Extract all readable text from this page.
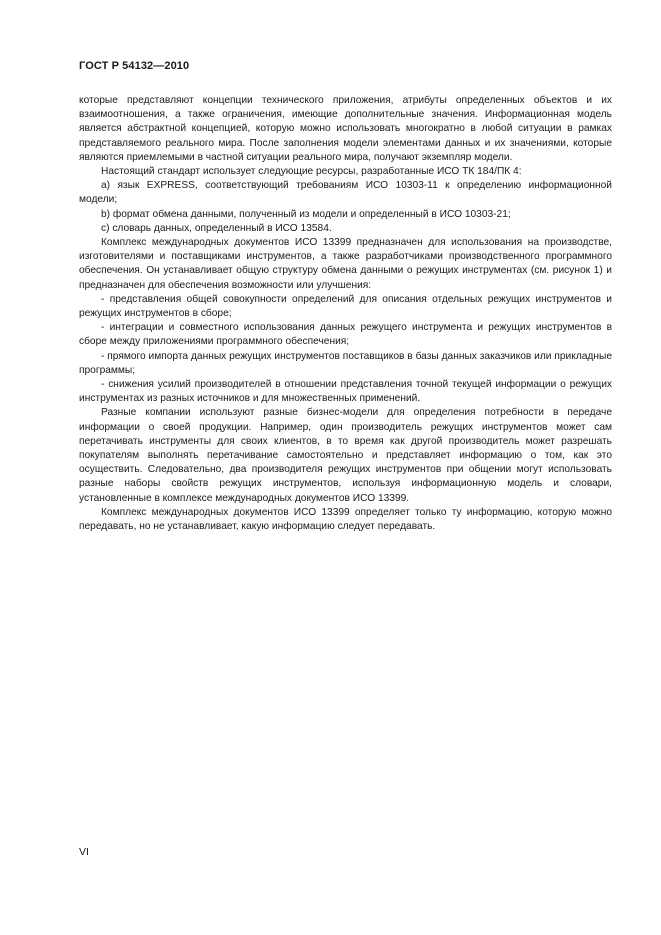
ГОСТ Р 54132—2010

которые представляют концепции технического приложения, атрибуты определенных объектов и их взаимоотношения, а также ограничения, имеющие дополнительные значения. Информационная модель является абстрактной концепцией, которую можно использовать многократно в любой ситуации в рамках представляемого реального мира. После заполнения модели элементами данных и их значениями, которые являются приемлемыми в частной ситуации реального мира, получают экземпляр модели.

Настоящий стандарт использует следующие ресурсы, разработанные ИСО ТК 184/ПК 4:

a) язык EXPRESS, соответствующий требованиям ИСО 10303-11 к определению информационной модели;

b) формат обмена данными, полученный из модели и определенный в ИСО 10303-21;

c) словарь данных, определенный в ИСО 13584.

Комплекс международных документов ИСО 13399 предназначен для использования на производстве, изготовителями и поставщиками инструментов, а также разработчиками производственного программного обеспечения. Он устанавливает общую структуру обмена данными о режущих инструментах (см. рисунок 1) и предназначен для обеспечения возможности или улучшения:

- представления общей совокупности определений для описания отдельных режущих инструментов и режущих инструментов в сборе;

- интеграции и совместного использования данных режущего инструмента и режущих инструментов в сборе между приложениями программного обеспечения;

- прямого импорта данных режущих инструментов поставщиков в базы данных заказчиков или прикладные программы;

- снижения усилий производителей в отношении представления точной текущей информации о режущих инструментах из разных источников и для множественных применений.

Разные компании используют разные бизнес-модели для определения потребности в передаче информации о своей продукции. Например, один производитель режущих инструментов может сам перетачивать инструменты для своих клиентов, в то время как другой производитель может разрешать покупателям выполнять перетачивание самостоятельно и представляет информацию о том, как это осуществить. Следовательно, два производителя режущих инструментов при общении могут использовать разные наборы свойств режущих инструментов, используя информационную модель и словари, установленные в комплексе международных документов ИСО 13399.

Комплекс международных документов ИСО 13399 определяет только ту информацию, которую можно передавать, но не устанавливает, какую информацию следует передавать.

VI
